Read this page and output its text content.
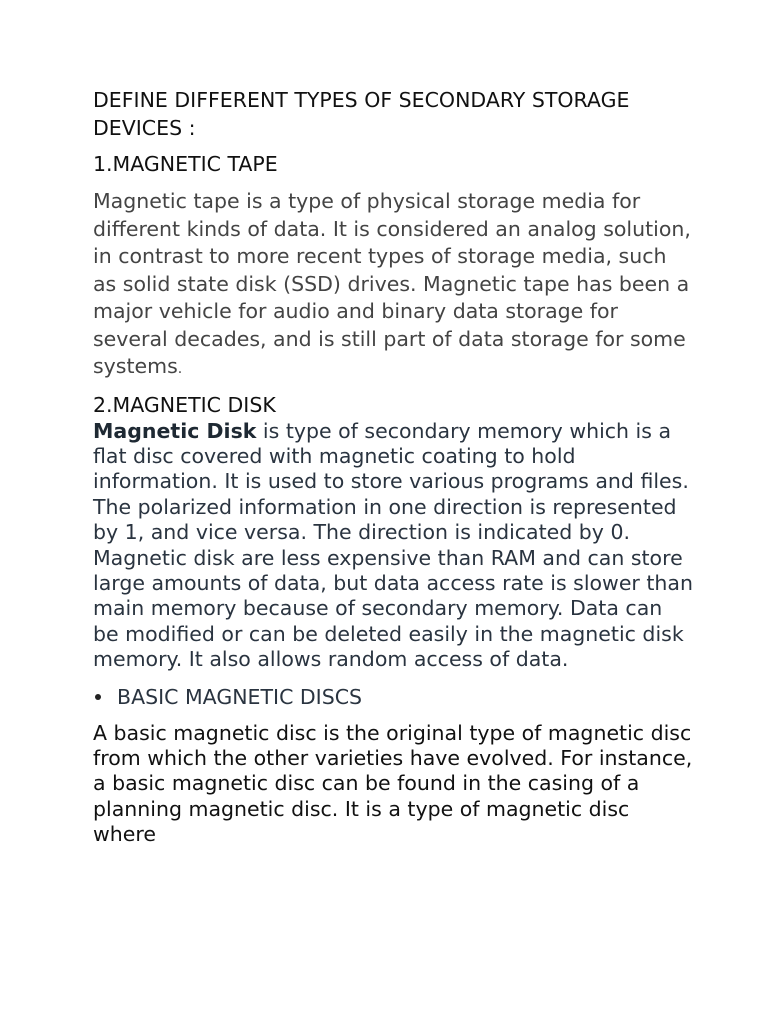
DEFINE DIFFERENT TYPES OF SECONDARY STORAGE DEVICES :
1.MAGNETIC TAPE

Magnetic tape is a type of physical storage media for different kinds of data. It is considered an analog solution, in contrast to more recent types of storage media, such as solid state disk (SSD) drives. Magnetic tape has been a major vehicle for audio and binary data storage for several decades, and is still part of data storage for some systems.

2.MAGNETIC DISK

Magnetic Disk is type of secondary memory which is a flat disc covered with magnetic coating to hold information. It is used to store various programs and files. The polarized information in one direction is represented by 1, and vice versa. The direction is indicated by 0. Magnetic disk are less expensive than RAM and can store large amounts of data, but data access rate is slower than main memory because of secondary memory. Data can be modified or can be deleted easily in the magnetic disk memory. It also allows random access of data.

BASIC MAGNETIC DISCS

A basic magnetic disc is the original type of magnetic disc from which the other varieties have evolved. For instance, a basic magnetic disc can be found in the casing of a planning magnetic disc. It is a type of magnetic disc where
